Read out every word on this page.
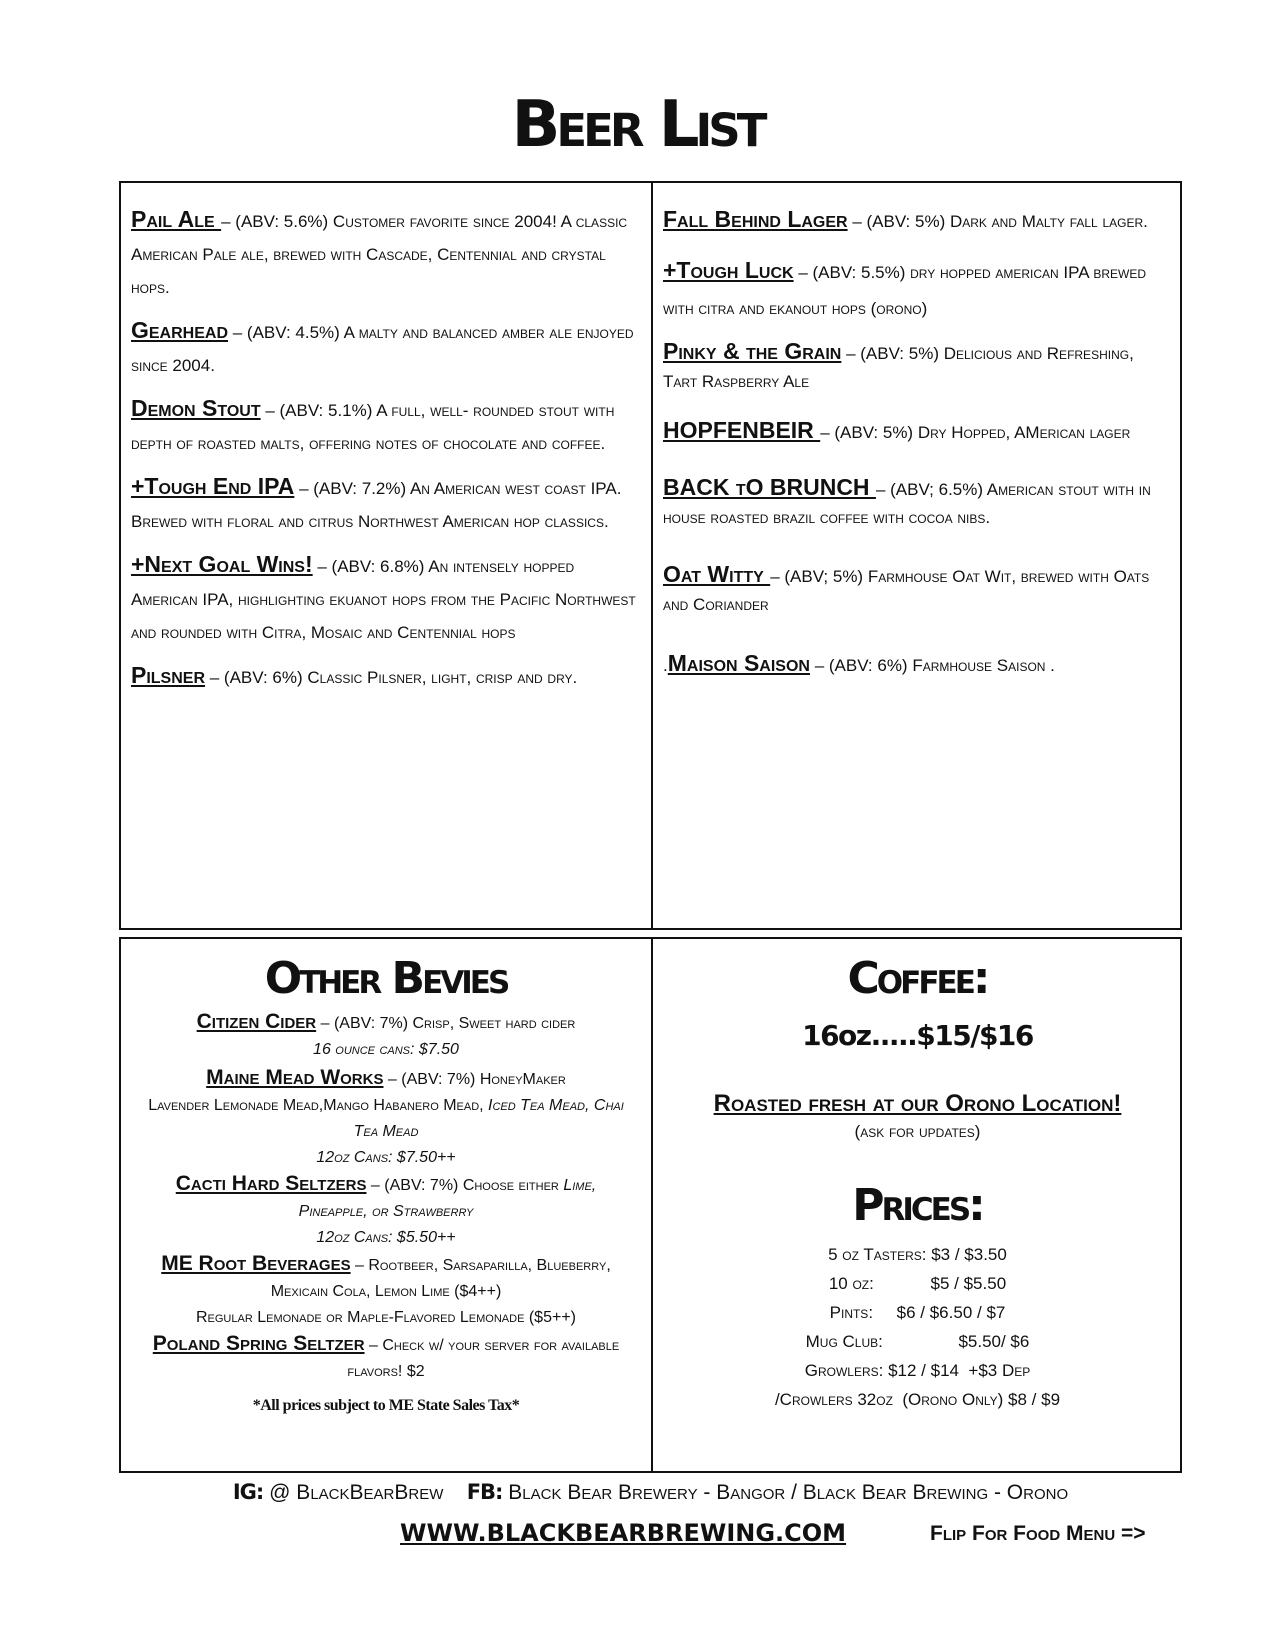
Beer List
Pail Ale – (ABV: 5.6%) Customer favorite since 2004! A classic American Pale ale, brewed with Cascade, Centennial and crystal hops.
Gearhead – (ABV: 4.5%) A malty and balanced amber ale enjoyed since 2004.
Demon Stout – (ABV: 5.1%) A full, well- rounded stout with depth of roasted malts, offering notes of chocolate and coffee.
+Tough End IPA – (ABV: 7.2%) An American west coast IPA. Brewed with floral and citrus Northwest American hop classics.
+Next Goal Wins! – (ABV: 6.8%) An intensely hopped American IPA, highlighting ekuanot hops from the Pacific Northwest and rounded with Citra, Mosaic and Centennial hops
Pilsner – (ABV: 6%) Classic Pilsner, light, crisp and dry.
Fall Behind Lager – (ABV: 5%) Dark and Malty fall lager.
+Tough Luck – (ABV: 5.5%) dry hopped american IPA brewed with citra and ekanout hops (orono)
Pinky & the Grain – (ABV: 5%) Delicious and Refreshing, Tart Raspberry Ale
HOPFENBEIR – (ABV: 5%) Dry Hopped, AMerican lager
BACK tO BRUNCH – (ABV; 6.5%) American stout with in house roasted brazil coffee with cocoa nibs.
Oat Witty – (ABV; 5%) Farmhouse Oat Wit, brewed with Oats and Coriander
.Maison Saison – (ABV: 6%) Farmhouse Saison .
Other Bevies
Citizen Cider – (ABV: 7%) Crisp, Sweet hard cider
16 ounce cans: $7.50
Maine Mead Works – (ABV: 7%) HoneyMaker
Lavender Lemonade Mead,Mango Habanero Mead, Iced Tea Mead, Chai Tea Mead
12oz Cans: $7.50++
Cacti Hard Seltzers – (ABV: 7%) Choose either Lime, Pineapple, or Strawberry
12oz Cans: $5.50++
ME Root Beverages – Rootbeer, Sarsaparilla, Blueberry, Mexicain Cola, Lemon Lime ($4++)
Regular Lemonade or Maple-Flavored Lemonade ($5++)
Poland Spring Seltzer – Check w/ your server for available flavors! $2
*All prices subject to ME State Sales Tax*
Coffee:
16oz.....$15/$16
Roasted fresh at our Orono Location!
(ask for updates)
Prices:
5 oz Tasters: $3 / $3.50
10 oz:            $5 / $5.50
Pints:     $6 / $6.50 / $7
Mug Club:                $5.50/ $6
Growlers: $12 / $14  +$3 Dep
/Crowlers 32oz  (Orono Only) $8 / $9
IG: @ BlackBearBrew FB: Black Bear Brewery - Bangor / Black Bear Brewing - Orono
WWW.BLACKBEARBREWING.COM	Flip For Food Menu =>
